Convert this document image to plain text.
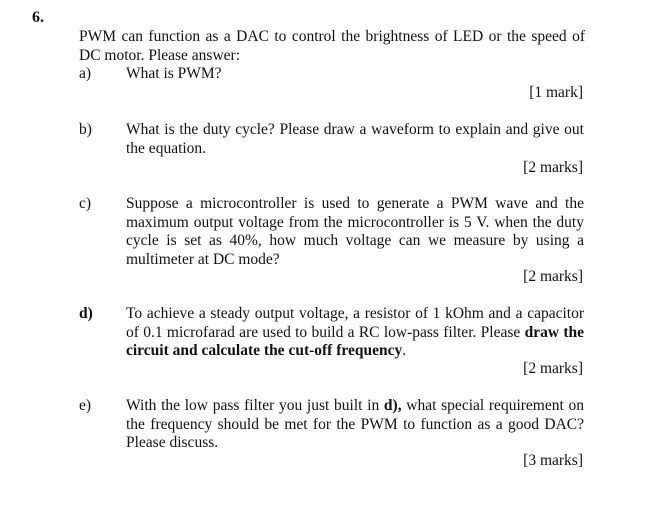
6.
PWM can function as a DAC to control the brightness of LED or the speed of DC motor. Please answer:
a) What is PWM?
[1 mark]
b) What is the duty cycle? Please draw a waveform to explain and give out the equation.
[2 marks]
c) Suppose a microcontroller is used to generate a PWM wave and the maximum output voltage from the microcontroller is 5 V. when the duty cycle is set as 40%, how much voltage can we measure by using a multimeter at DC mode?
[2 marks]
d) To achieve a steady output voltage, a resistor of 1 kOhm and a capacitor of 0.1 microfarad are used to build a RC low-pass filter. Please draw the circuit and calculate the cut-off frequency.
[2 marks]
e) With the low pass filter you just built in d), what special requirement on the frequency should be met for the PWM to function as a good DAC? Please discuss.
[3 marks]
